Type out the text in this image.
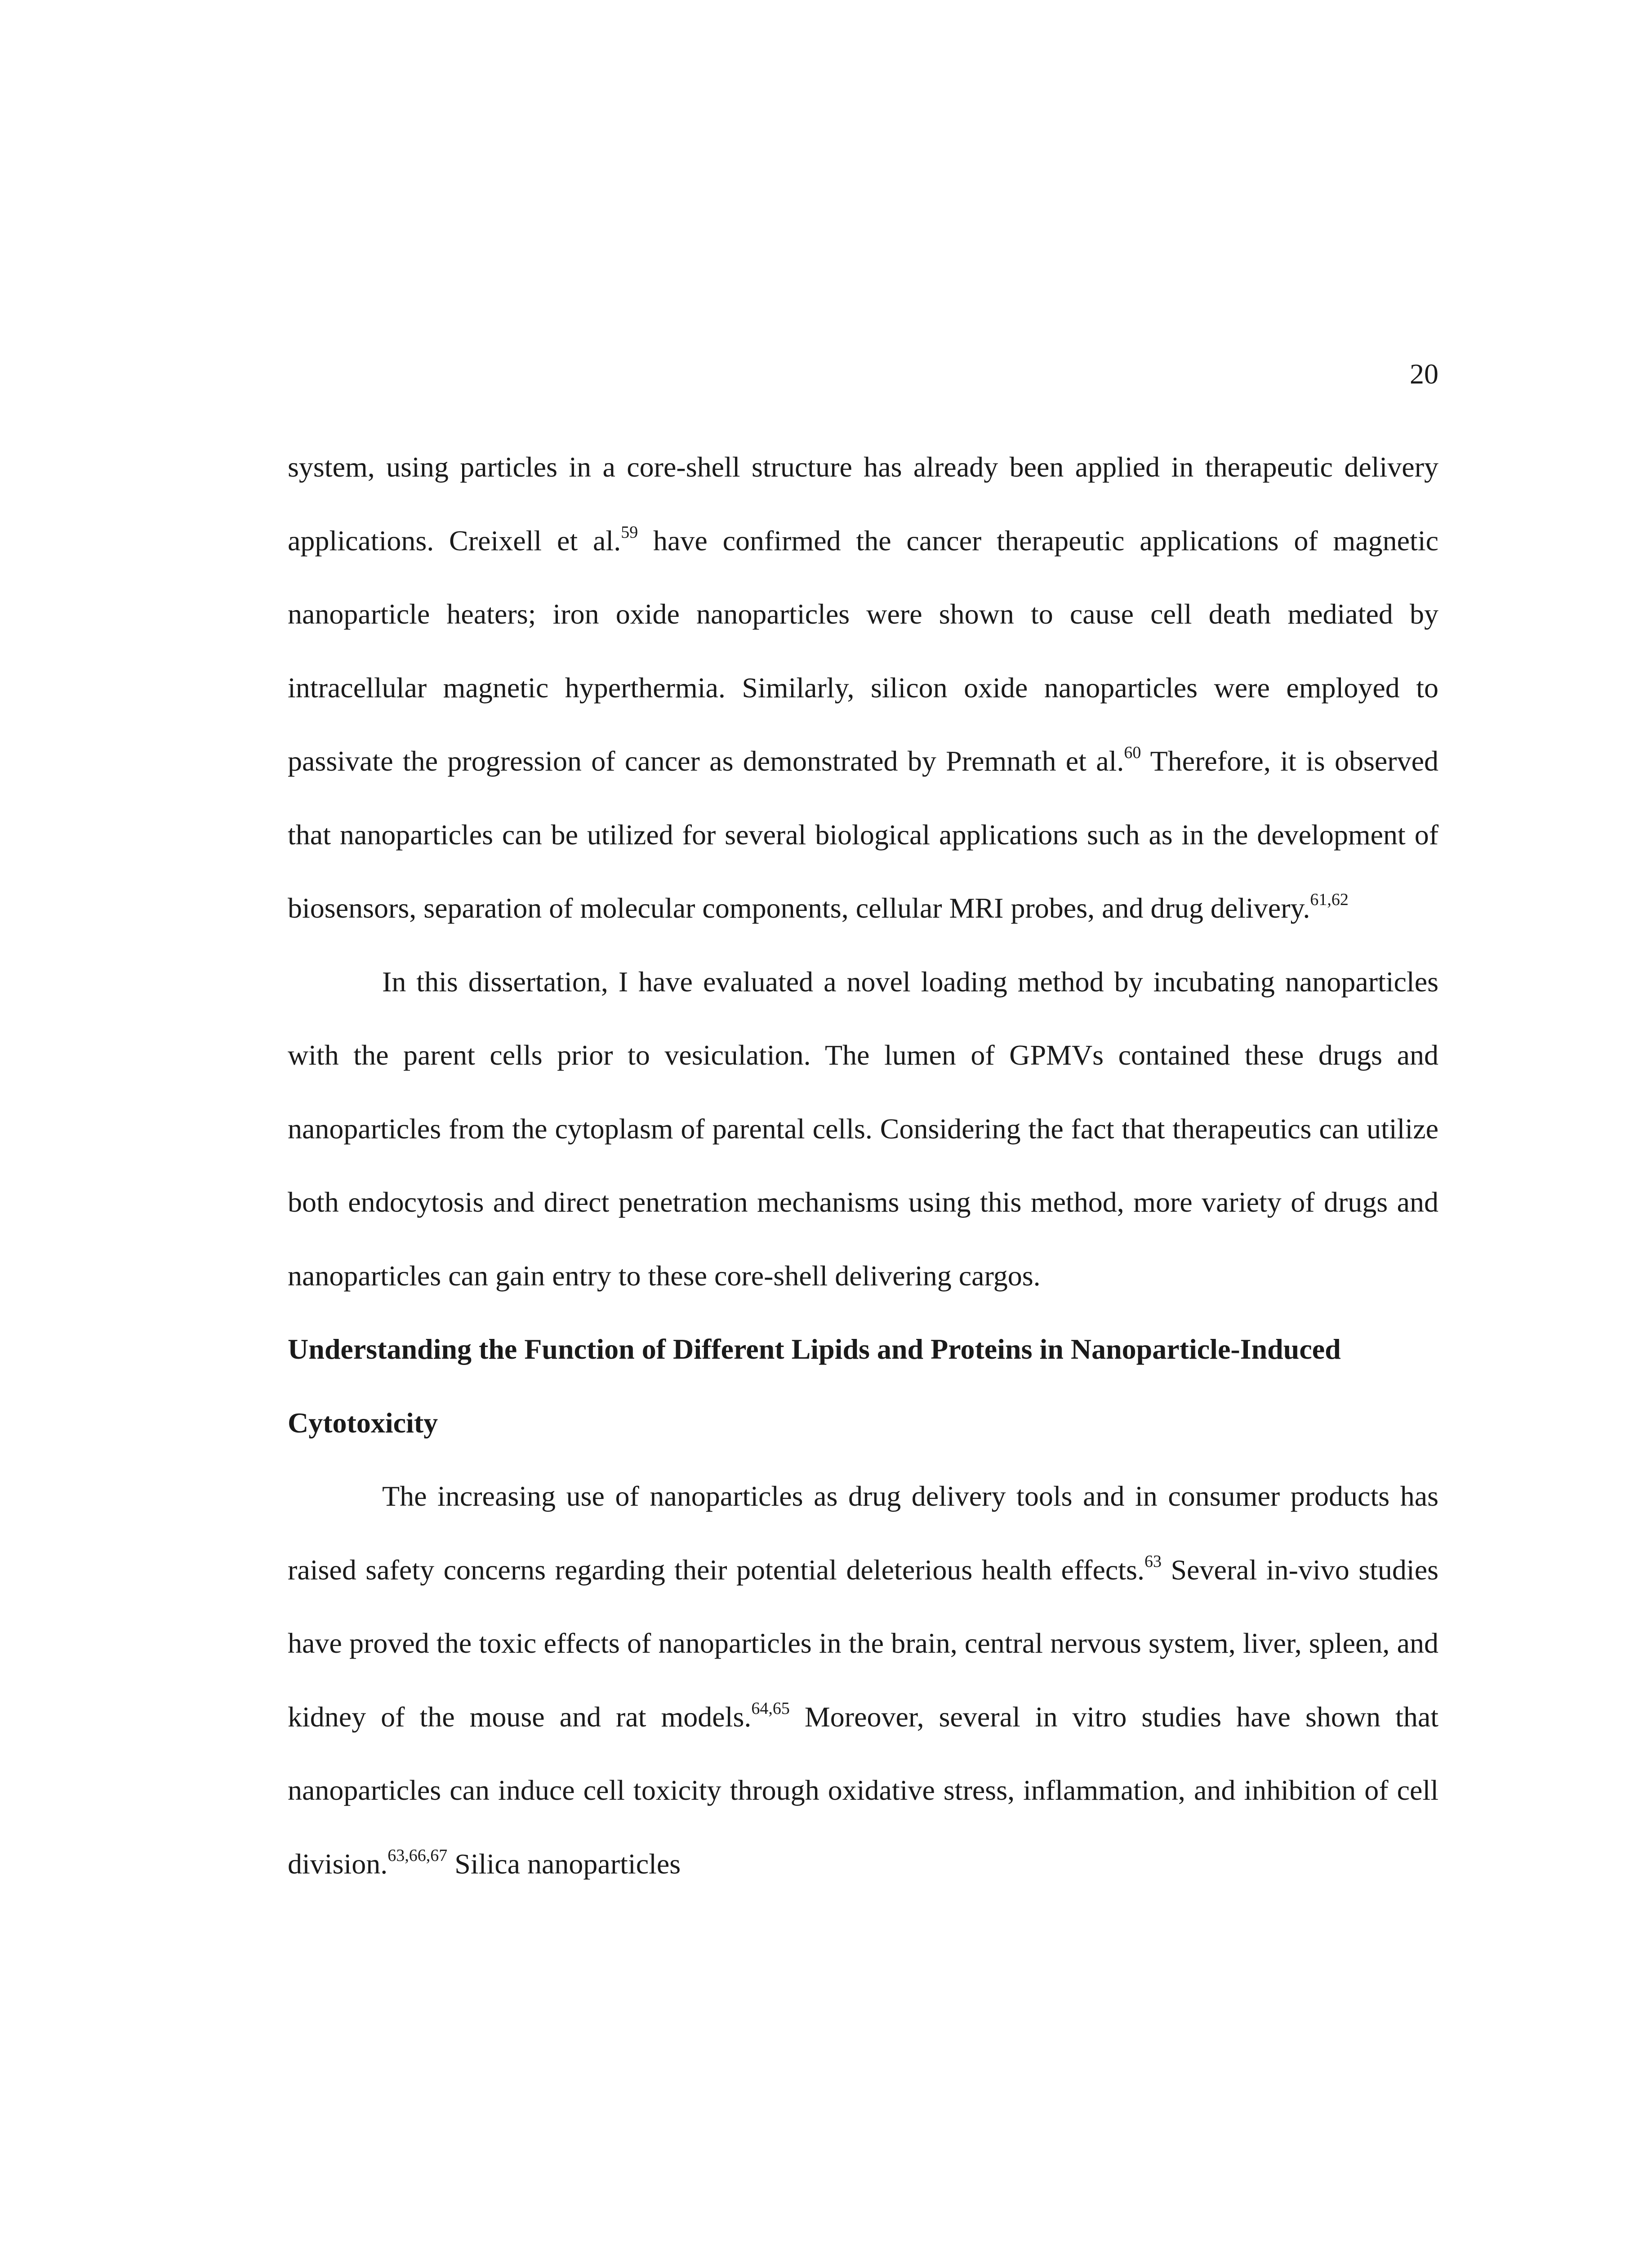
20

system, using particles in a core-shell structure has already been applied in therapeutic delivery applications. Creixell et al.$^{59}$ have confirmed the cancer therapeutic applications of magnetic nanoparticle heaters; iron oxide nanoparticles were shown to cause cell death mediated by intracellular magnetic hyperthermia. Similarly, silicon oxide nanoparticles were employed to passivate the progression of cancer as demonstrated by Premnath et al.$^{60}$ Therefore, it is observed that nanoparticles can be utilized for several biological applications such as in the development of biosensors, separation of molecular components, cellular MRI probes, and drug delivery.$^{61,62}$

In this dissertation, I have evaluated a novel loading method by incubating nanoparticles with the parent cells prior to vesiculation. The lumen of GPMVs contained these drugs and nanoparticles from the cytoplasm of parental cells. Considering the fact that therapeutics can utilize both endocytosis and direct penetration mechanisms using this method, more variety of drugs and nanoparticles can gain entry to these core-shell delivering cargos.

Understanding the Function of Different Lipids and Proteins in Nanoparticle-Induced Cytotoxicity

The increasing use of nanoparticles as drug delivery tools and in consumer products has raised safety concerns regarding their potential deleterious health effects.$^{63}$ Several in-vivo studies have proved the toxic effects of nanoparticles in the brain, central nervous system, liver, spleen, and kidney of the mouse and rat models.$^{64,65}$ Moreover, several in vitro studies have shown that nanoparticles can induce cell toxicity through oxidative stress, inflammation, and inhibition of cell division.$^{63,66,67}$ Silica nanoparticles
